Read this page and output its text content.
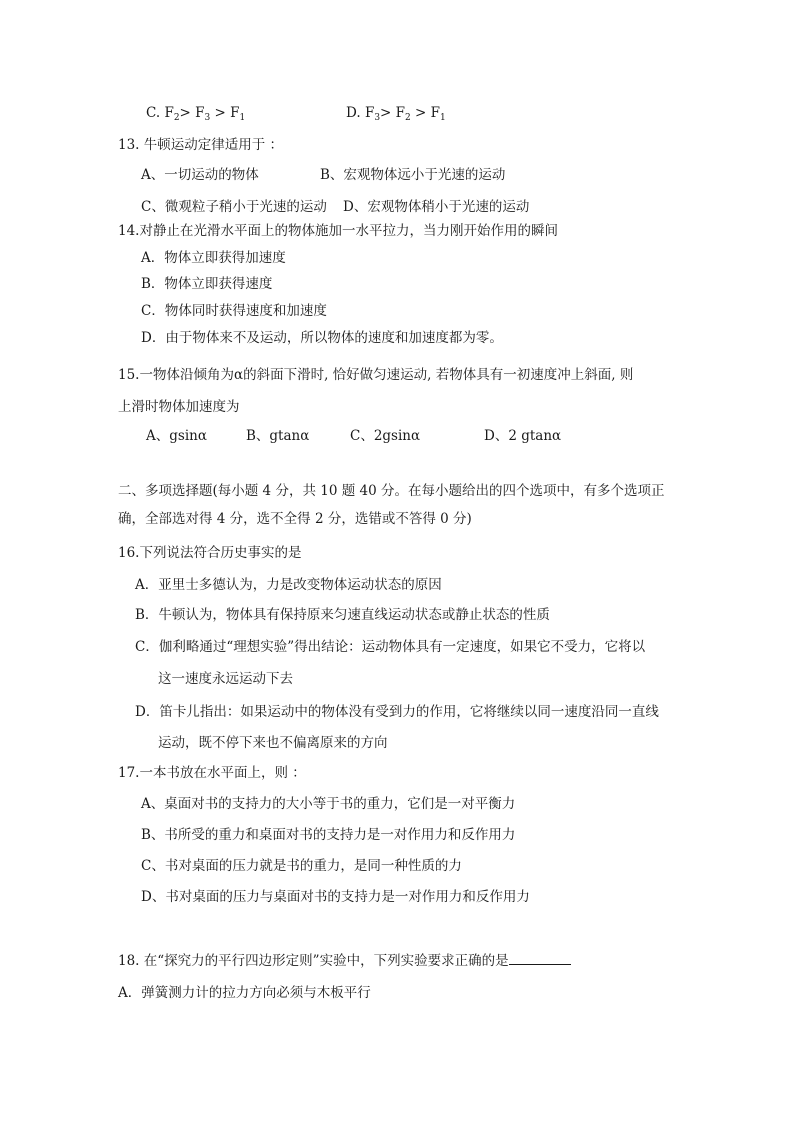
C. $F_2> F_3 > F_1$	D. $F_3> F_2 > F_1$
13. 牛顿运动定律适用于 ：
A、一切运动的物体	B、宏观物体远小于光速的运动
C、微观粒子稍小于光速的运动 D、宏观物体稍小于光速的运动
14.对静止在光滑水平面上的物体施加一水平拉力，当力刚开始作用的瞬间
A．物体立即获得加速度
B．物体立即获得速度
C．物体同时获得速度和加速度
D．由于物体来不及运动，所以物体的速度和加速度都为零。
15.一物体沿倾角为α的斜面下滑时, 恰好做匀速运动, 若物体具有一初速度冲上斜面, 则
上滑时物体加速度为
A、gsinα	B、gtanα	C、2gsinα	D、2 gtanα
二、多项选择题(每小题 4 分，共 10 题 40 分。在每小题给出的四个选项中，有多个选项正
确，全部选对得 4 分，选不全得 2 分，选错或不答得 0 分)
16.下列说法符合历史事实的是
A．亚里士多德认为，力是改变物体运动状态的原因
B．牛顿认为，物体具有保持原来匀速直线运动状态或静止状态的性质
C．伽利略通过“理想实验”得出结论：运动物体具有一定速度，如果它不受力，它将以
这一速度永远运动下去
D．笛卡儿指出：如果运动中的物体没有受到力的作用，它将继续以同一速度沿同一直线
运动，既不停下来也不偏离原来的方向
17.一本书放在水平面上，则 ：
A、桌面对书的支持力的大小等于书的重力，它们是一对平衡力
B、书所受的重力和桌面对书的支持力是一对作用力和反作用力
C、书对桌面的压力就是书的重力，是同一种性质的力
D、书对桌面的压力与桌面对书的支持力是一对作用力和反作用力
18. 在“探究力的平行四边形定则”实验中，下列实验要求正确的是
A．弹簧测力计的拉力方向必须与木板平行
